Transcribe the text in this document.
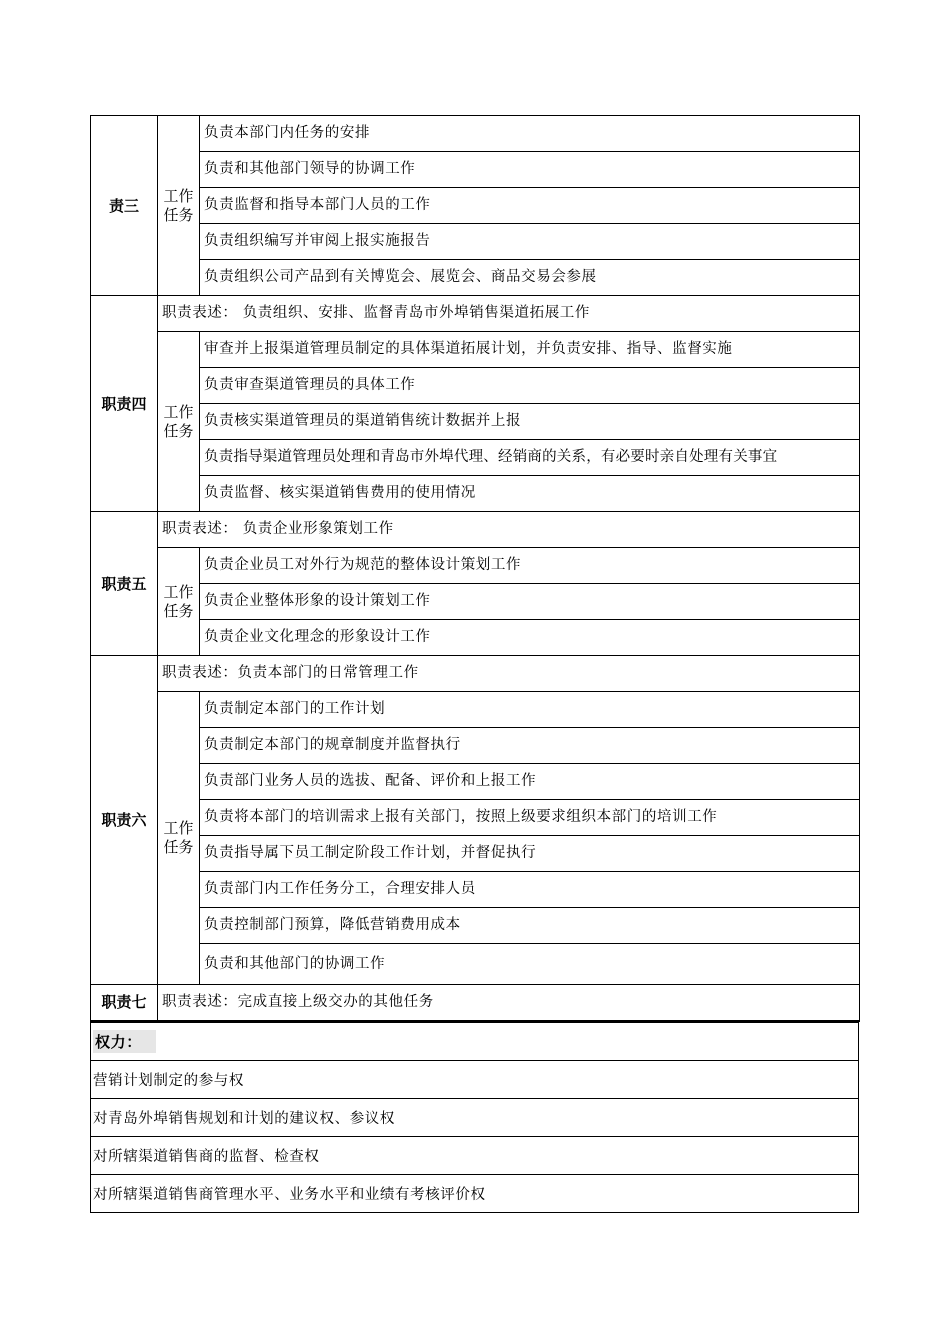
责三	工作任务	负责本部门内任务的安排
		负责和其他部门领导的协调工作
		负责监督和指导本部门人员的工作
		负责组织编写并审阅上报实施报告
		负责组织公司产品到有关博览会、展览会、商品交易会参展
职责四	职责表述： 负责组织、安排、监督青岛市外埠销售渠道拓展工作	
	工作任务	审查并上报渠道管理员制定的具体渠道拓展计划，并负责安排、指导、监督实施
		负责审查渠道管理员的具体工作
		负责核实渠道管理员的渠道销售统计数据并上报
		负责指导渠道管理员处理和青岛市外埠代理、经销商的关系，有必要时亲自处理有关事宜
		负责监督、核实渠道销售费用的使用情况
职责五	职责表述： 负责企业形象策划工作	
	工作任务	负责企业员工对外行为规范的整体设计策划工作
		负责企业整体形象的设计策划工作
		负责企业文化理念的形象设计工作
职责六	职责表述：负责本部门的日常管理工作	
	工作任务	负责制定本部门的工作计划
		负责制定本部门的规章制度并监督执行
		负责部门业务人员的选拔、配备、评价和上报工作
		负责将本部门的培训需求上报有关部门，按照上级要求组织本部门的培训工作
		负责指导属下员工制定阶段工作计划，并督促执行
		负责部门内工作任务分工，合理安排人员
		负责控制部门预算，降低营销费用成本
		负责和其他部门的协调工作
职责七	职责表述：完成直接上级交办的其他任务	
权力：
营销计划制定的参与权
对青岛外埠销售规划和计划的建议权、参议权
对所辖渠道销售商的监督、检查权
对所辖渠道销售商管理水平、业务水平和业绩有考核评价权
